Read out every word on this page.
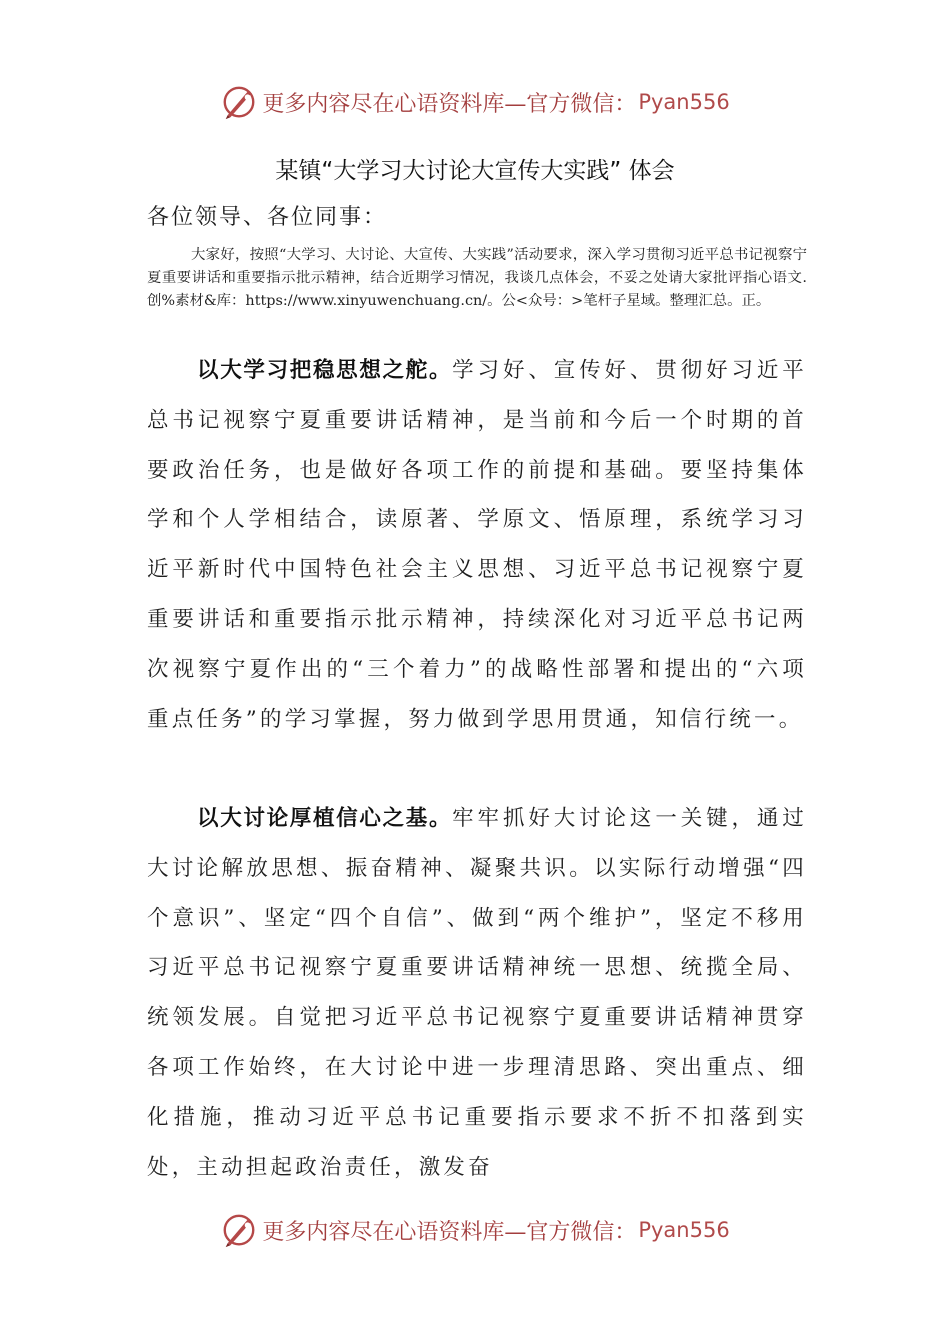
更多内容尽在心语资料库—官方微信： Pyan556
某镇“大学习大讨论大宣传大实践” 体会
各位领导、各位同事：
大家好，按照“大学习、大讨论、大宣传、大实践”活动要求，深入学习贯彻习近平总书记视察宁夏重要讲话和重要指示批示精神，结合近期学习情况，我谈几点体会，不妥之处请大家批评指心语文.创%素材&库：https://www.xinyuwenchuang.cn/。公<众号：>笔杆子星域。整理汇总。正。
以大学习把稳思想之舵。学习好、宣传好、贯彻好习近平总书记视察宁夏重要讲话精神，是当前和今后一个时期的首要政治任务，也是做好各项工作的前提和基础。要坚持集体学和个人学相结合，读原著、学原文、悟原理，系统学习习近平新时代中国特色社会主义思想、习近平总书记视察宁夏重要讲话和重要指示批示精神，持续深化对习近平总书记两次视察宁夏作出的“三个着力”的战略性部署和提出的“六项重点任务”的学习掌握，努力做到学思用贯通，知信行统一。
以大讨论厚植信心之基。牢牢抓好大讨论这一关键，通过大讨论解放思想、振奋精神、凝聚共识。以实际行动增强“四个意识”、坚定“四个自信”、做到“两个维护”，坚定不移用习近平总书记视察宁夏重要讲话精神统一思想、统揽全局、统领发展。自觉把习近平总书记视察宁夏重要讲话精神贯穿各项工作始终，在大讨论中进一步理清思路、突出重点、细化措施，推动习近平总书记重要指示要求不折不扣落到实处，主动担起政治责任，激发奋
更多内容尽在心语资料库—官方微信： Pyan556
